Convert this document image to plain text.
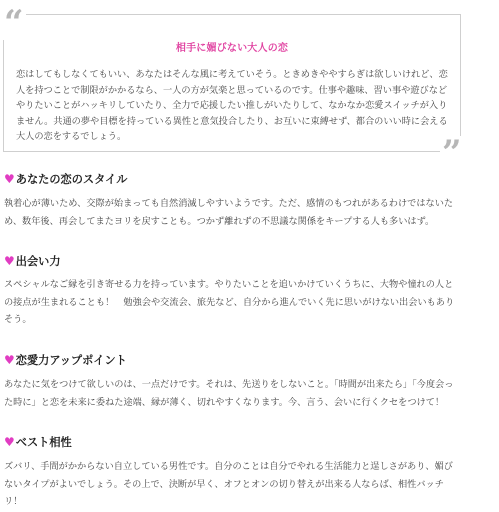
相手に媚びない大人の恋
恋はしてもしなくてもいい、あなたはそんな風に考えていそう。ときめきややすらぎは欲しいけれど、恋人を持つことで制限がかかるなら、一人の方が気楽と思っているのです。仕事や趣味、習い事や遊びなどやりたいことがハッキリしていたり、全力で応援したい推しがいたりして、なかなか恋愛スイッチが入りません。共通の夢や目標を持っている異性と意気投合したり、お互いに束縛せず、都合のいい時に会える大人の恋をするでしょう。
“
”
♥ あなたの恋のスタイル
執着心が薄いため、交際が始まっても自然消滅しやすいようです。ただ、感情のもつれがあるわけではないため、数年後、再会してまたヨリを戻すことも。つかず離れずの不思議な関係をキープする人も多いはず。
♥ 出会い力
スペシャルなご縁を引き寄せる力を持っています。やりたいことを追いかけていくうちに、大物や憧れの人との接点が生まれることも！　勉強会や交流会、旅先など、自分から進んでいく先に思いがけない出会いもありそう。
♥ 恋愛力アップポイント
あなたに気をつけて欲しいのは、一点だけです。それは、先送りをしないこと。「時間が出来たら」「今度会った時に」と恋を未来に委ねた途端、縁が薄く、切れやすくなります。今、言う、会いに行くクセをつけて！
♥ ベスト相性
ズバリ、手間がかからない自立している男性です。自分のことは自分でやれる生活能力と逞しさがあり、媚びないタイプがよいでしょう。その上で、決断が早く、オフとオンの切り替えが出来る人ならば、相性バッチリ！
